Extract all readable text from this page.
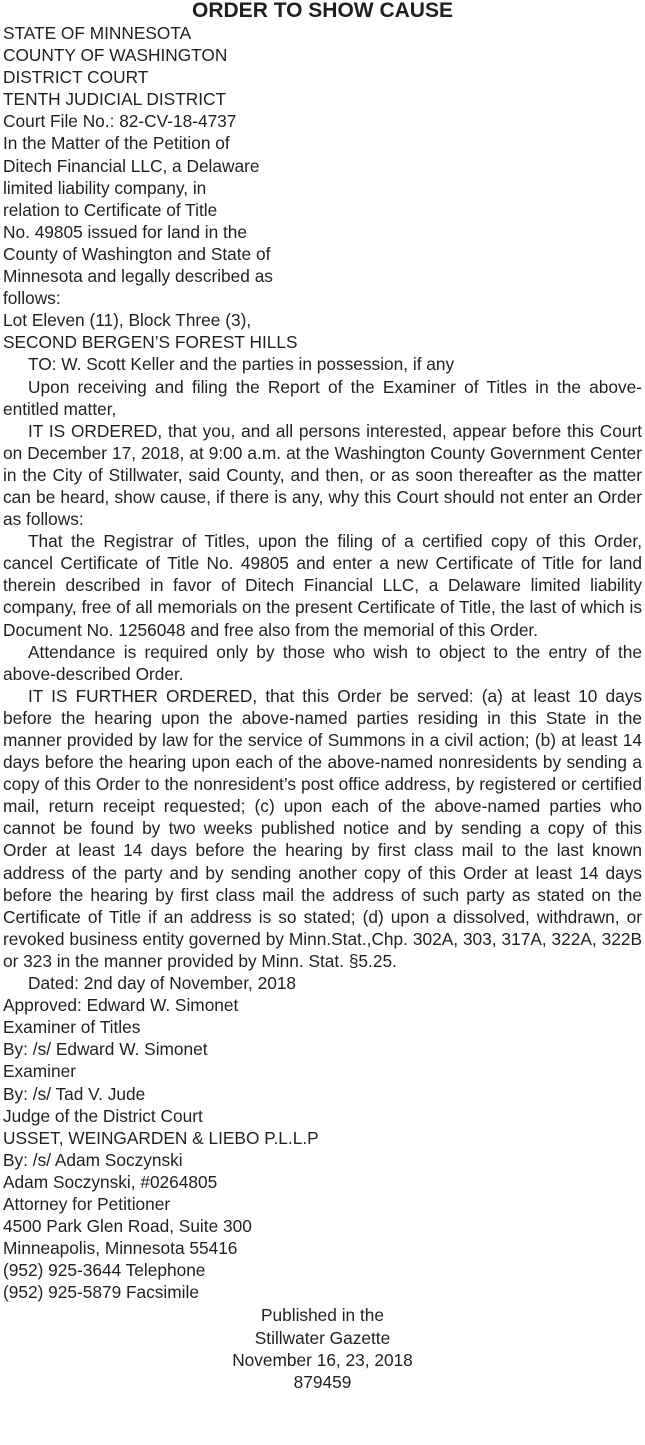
ORDER TO SHOW CAUSE

STATE OF MINNESOTA

COUNTY OF WASHINGTON

DISTRICT COURT

TENTH JUDICIAL DISTRICT

Court File No.: 82-CV-18-4737

In the Matter of the Petition of

Ditech Financial LLC, a Delaware

limited liability company, in

relation to Certificate of Title

No. 49805 issued for land in the

County of Washington and State of

Minnesota and legally described as

follows:

Lot Eleven (11), Block Three (3),

SECOND BERGEN’S FOREST HILLS

TO: W. Scott Keller and the parties in possession, if any

Upon receiving and filing the Report of the Examiner of Titles in the above-entitled matter,

IT IS ORDERED, that you, and all persons interested, appear before this Court on December 17, 2018, at 9:00 a.m. at the Washington County Government Center in the City of Stillwater, said County, and then, or as soon thereafter as the matter can be heard, show cause, if there is any, why this Court should not enter an Order as follows:

That the Registrar of Titles, upon the filing of a certified copy of this Order, cancel Certificate of Title No. 49805 and enter a new Certificate of Title for land therein described in favor of Ditech Financial LLC, a Delaware limited liability company, free of all memorials on the present Certificate of Title, the last of which is Document No. 1256048 and free also from the memorial of this Order.

Attendance is required only by those who wish to object to the entry of the above-described Order.

IT IS FURTHER ORDERED, that this Order be served: (a) at least 10 days before the hearing upon the above-named parties residing in this State in the manner provided by law for the service of Summons in a civil action; (b) at least 14 days before the hearing upon each of the above-named nonresidents by sending a copy of this Order to the nonresident’s post office address, by registered or certified mail, return receipt requested; (c) upon each of the above-named parties who cannot be found by two weeks published notice and by sending a copy of this Order at least 14 days before the hearing by first class mail to the last known address of the party and by sending another copy of this Order at least 14 days before the hearing by first class mail the address of such party as stated on the Certificate of Title if an address is so stated; (d) upon a dissolved, withdrawn, or revoked business entity governed by Minn.Stat.,Chp. 302A, 303, 317A, 322A, 322B or 323 in the manner provided by Minn. Stat. §5.25.

Dated: 2nd day of November, 2018

Approved: Edward W. Simonet

Examiner of Titles

By: /s/ Edward W. Simonet

Examiner

By: /s/ Tad V. Jude

Judge of the District Court

USSET, WEINGARDEN & LIEBO P.L.L.P

By: /s/ Adam Soczynski

Adam Soczynski, #0264805

Attorney for Petitioner

4500 Park Glen Road, Suite 300

Minneapolis, Minnesota 55416

(952) 925-3644 Telephone

(952) 925-5879 Facsimile

Published in the

Stillwater Gazette

November 16, 23, 2018

879459
